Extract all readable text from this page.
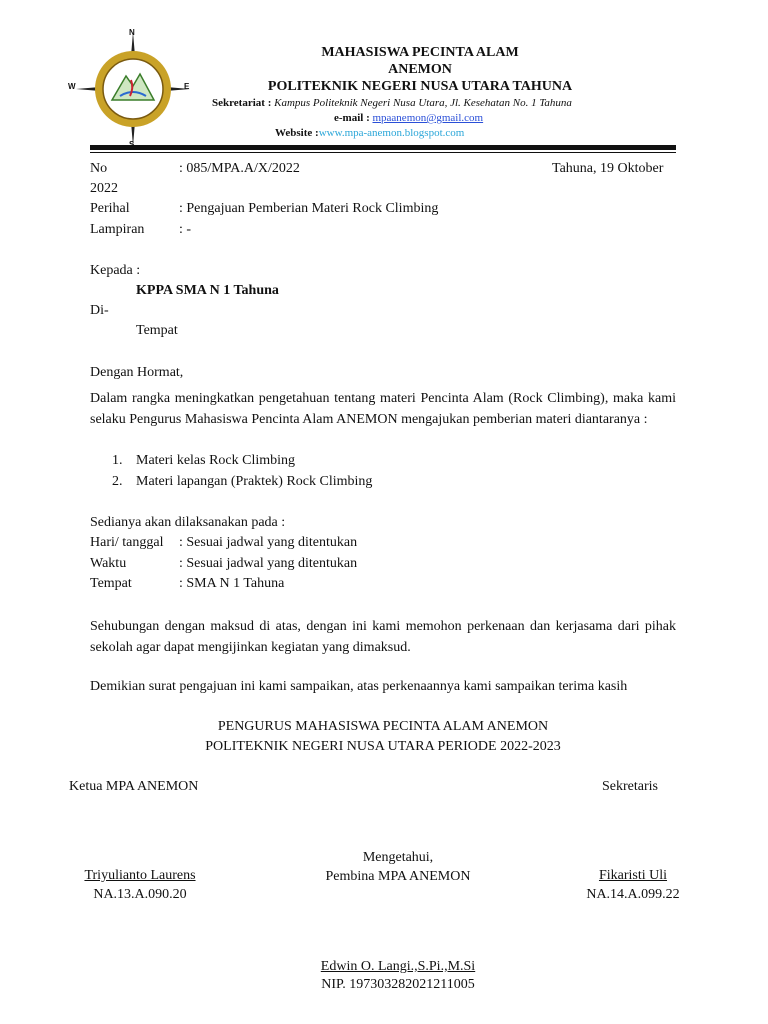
N
W	E
MAHASISWA PECINTA ALAM
ANEMON
POLITEKNIK NEGERI NUSA UTARA TAHUNA
Sekretariat : Kampus Politeknik Negeri Nusa Utara, Jl. Kesehatan No. 1 Tahuna
e-mail : mpaanemon@gmail.com
Website :www.mpa-anemon.blogspot.com
No	: 085/MPA.A/X/2022	Tahuna, 19 Oktober
2022
Perihal	: Pengajuan Pemberian Materi Rock Climbing
Lampiran : -
Kepada :
KPPA SMA N 1 Tahuna
Di-
Tempat
Dengan Hormat,
Dalam rangka meningkatkan pengetahuan tentang materi Pencinta Alam (Rock Climbing), maka kami selaku Pengurus Mahasiswa Pencinta Alam ANEMON mengajukan pemberian materi diantaranya :
1. Materi kelas Rock Climbing
2. Materi lapangan (Praktek) Rock Climbing
Sedianya akan dilaksanakan pada :
Hari/ tanggal : Sesuai jadwal yang ditentukan
Waktu	: Sesuai jadwal yang ditentukan
Tempat	: SMA N 1 Tahuna
Sehubungan dengan maksud di atas, dengan ini kami memohon perkenaan dan kerjasama dari pihak sekolah agar dapat mengijinkan kegiatan yang dimaksud.
Demikian surat pengajuan ini kami sampaikan, atas perkenaannya kami sampaikan terima kasih
PENGURUS MAHASISWA PECINTA ALAM ANEMON
POLITEKNIK NEGERI NUSA UTARA PERIODE 2022-2023
Ketua MPA ANEMON	Sekretaris
Mengetahui,
Pembina MPA ANEMON
Triyulianto Laurens
NA.13.A.090.20
Fikaristi Uli
NA.14.A.099.22
Edwin O. Langi.,S.Pi.,M.Si
NIP. 197303282021211005
